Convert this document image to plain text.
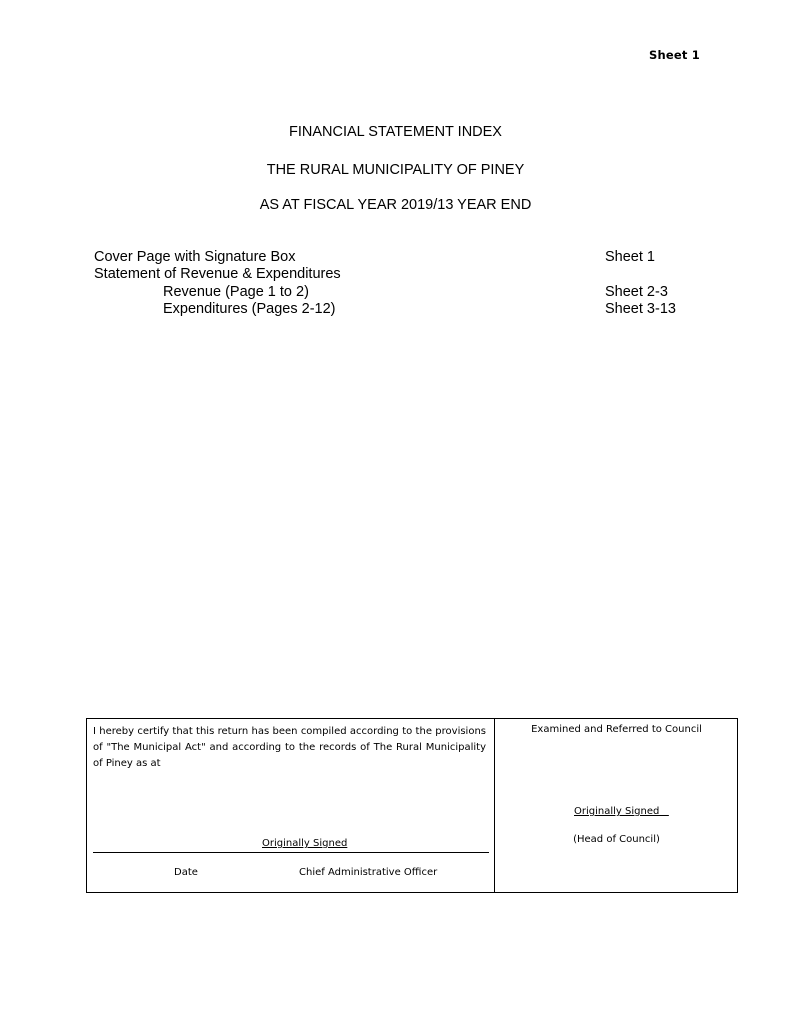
Sheet 1
FINANCIAL STATEMENT INDEX
THE RURAL MUNICIPALITY OF PINEY
AS AT FISCAL YEAR 2019/13 YEAR END
Cover Page with Signature Box	Sheet 1
Statement of Revenue & Expenditures
Revenue (Page 1 to 2)	Sheet 2-3
Expenditures (Pages 2-12)	Sheet 3-13
I hereby certify that this return has been compiled according to the provisions of "The Municipal Act" and according to the records of The Rural Municipality of Piney as at
Originally Signed
Date	Chief Administrative Officer
Examined and Referred to Council
Originally Signed
(Head of Council)
